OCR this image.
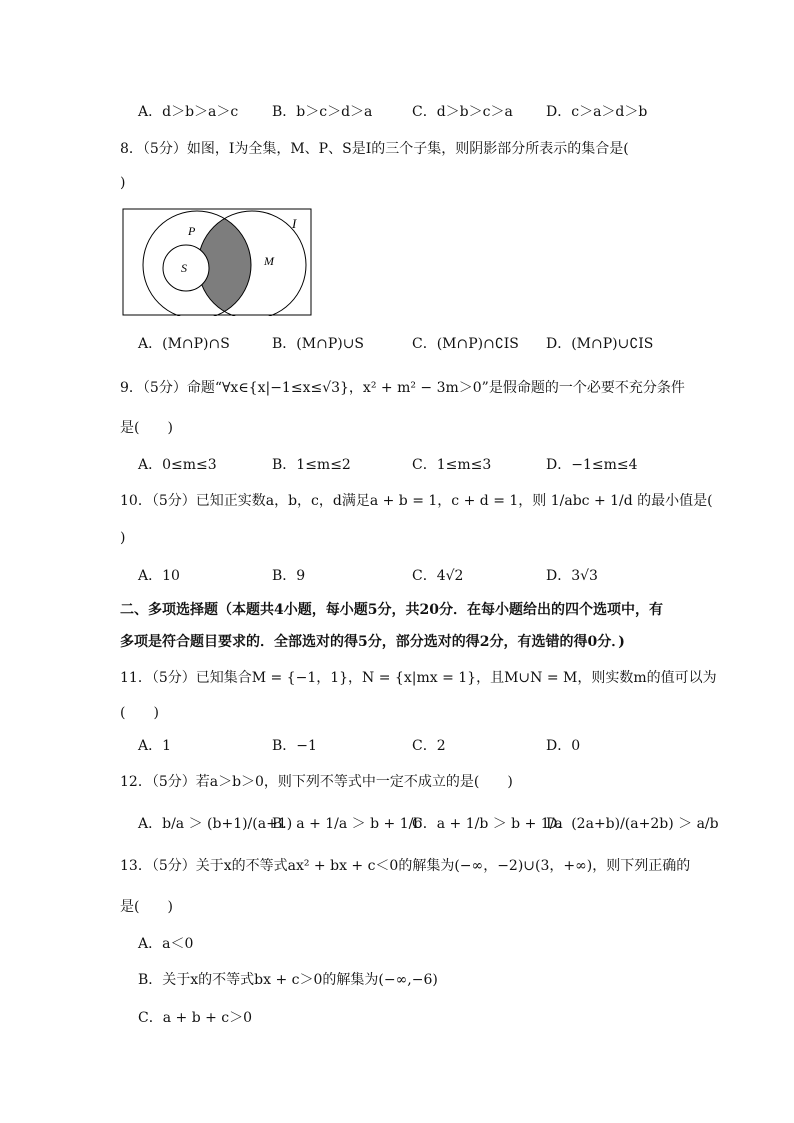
A．d＞b＞a＞c B．b＞c＞d＞a	C．d＞b＞c＞a D．c＞a＞d＞b
8．（5分）如图，I为全集，M、P、S是I的三个子集，则阴影部分所表示的集合是(
)
I
P
S	M
A．(M∩P)∩S	B．(M∩P)∪S	C．(M∩P)∩∁IS D．(M∩P)∪∁IS
9．（5分）命题“∀x∈{x|−1≤x≤√3}，x² + m² − 3m＞0”是假命题的一个必要不充分条件
是(　　)
A．0≤m≤3	B．1≤m≤2	C．1≤m≤3	D．−1≤m≤4
10．（5分）已知正实数a，b，c，d满足a + b = 1，c + d = 1，则 1/abc + 1/d 的最小值是(
)
A．10	B．9	C．4√2	D．3√3
二、多项选择题（本题共4小题，每小题5分，共20分．在每小题给出的四个选项中，有
多项是符合题目要求的．全部选对的得5分，部分选对的得2分，有选错的得0分．)
11．（5分）已知集合M = {−1，1}，N = {x|mx = 1}，且M∪N = M，则实数m的值可以为
(　　)
A．1	B．−1	C．2	D．0
12．（5分）若a＞b＞0，则下列不等式中一定不成立的是(　　)
A．b/a ＞ (b+1)/(a+1)
B．a + 1/a ＞ b + 1/b
C．a + 1/b ＞ b + 1/a
D．(2a+b)/(a+2b) ＞ a/b
13．（5分）关于x的不等式ax² + bx + c＜0的解集为(−∞，−2)∪(3，+∞)，则下列正确的
是(　　)
A．a＜0
B．关于x的不等式bx + c＞0的解集为(−∞,−6)
C．a + b + c＞0
